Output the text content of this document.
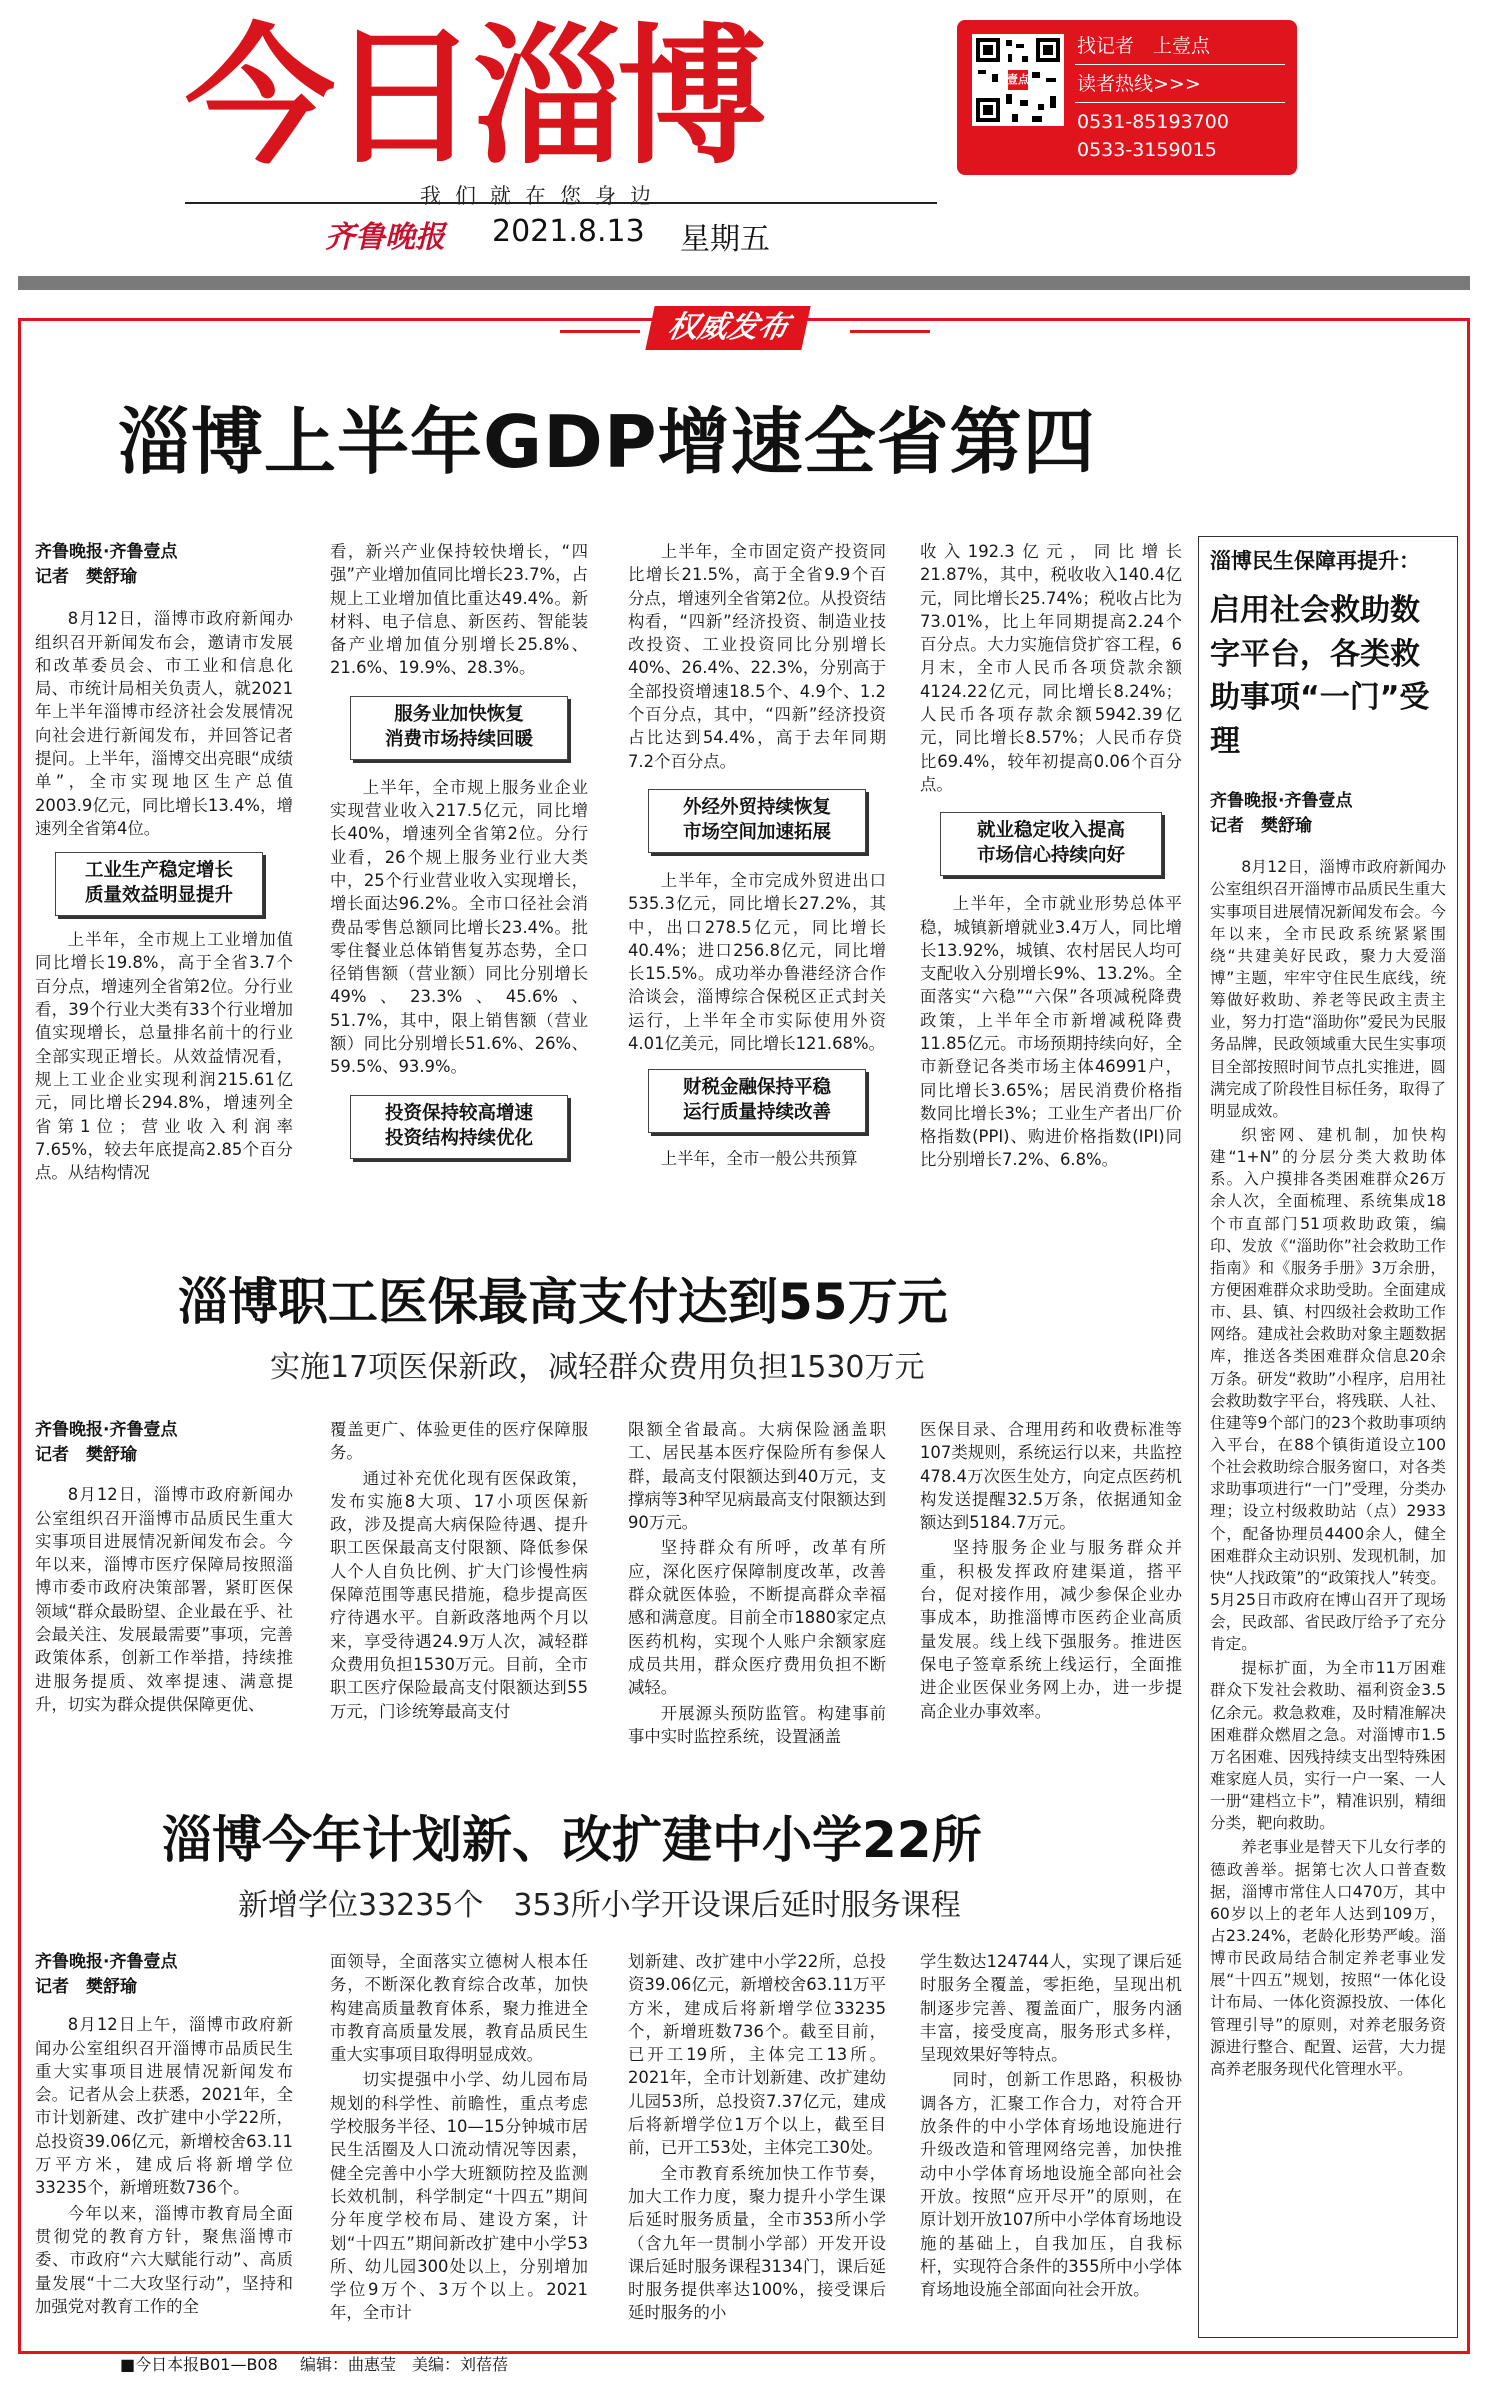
今日淄博
我们就在您身边
齐鲁晚报 2021.8.13 星期五
壹点
找记者　上壹点
读者热线>>>
0531-85193700
0533-3159015
权威发布
淄博上半年GDP增速全省第四
齐鲁晚报·齐鲁壹点
记者　樊舒瑜

8月12日，淄博市政府新闻办组织召开新闻发布会，邀请市发展和改革委员会、市工业和信息化局、市统计局相关负责人，就2021年上半年淄博市经济社会发展情况向社会进行新闻发布，并回答记者提问。上半年，淄博交出亮眼“成绩单”，全市实现地区生产总值2003.9亿元，同比增长13.4%，增速列全省第4位。

工业生产稳定增长
质量效益明显提升

上半年，全市规上工业增加值同比增长19.8%，高于全省3.7个百分点，增速列全省第2位。分行业看，39个行业大类有33个行业增加值实现增长，总量排名前十的行业全部实现正增长。从效益情况看，规上工业企业实现利润215.61亿元，同比增长294.8%，增速列全省第1位；营业收入利润率7.65%，较去年底提高2.85个百分点。从结构情况

看，新兴产业保持较快增长，“四强”产业增加值同比增长23.7%，占规上工业增加值比重达49.4%。新材料、电子信息、新医药、智能装备产业增加值分别增长25.8%、21.6%、19.9%、28.3%。

服务业加快恢复
消费市场持续回暖

上半年，全市规上服务业企业实现营业收入217.5亿元，同比增长40%，增速列全省第2位。分行业看，26个规上服务业行业大类中，25个行业营业收入实现增长，增长面达96.2%。全市口径社会消费品零售总额同比增长23.4%。批零住餐业总体销售复苏态势，全口径销售额（营业额）同比分别增长49%、23.3%、45.6%、51.7%，其中，限上销售额（营业额）同比分别增长51.6%、26%、59.5%、93.9%。

投资保持较高增速
投资结构持续优化

上半年，全市固定资产投资同比增长21.5%，高于全省9.9个百分点，增速列全省第2位。从投资结构看，“四新”经济投资、制造业技改投资、工业投资同比分别增长40%、26.4%、22.3%，分别高于全部投资增速18.5个、4.9个、1.2个百分点，其中，“四新”经济投资占比达到54.4%，高于去年同期7.2个百分点。

外经外贸持续恢复
市场空间加速拓展

上半年，全市完成外贸进出口535.3亿元，同比增长27.2%，其中，出口278.5亿元，同比增长40.4%；进口256.8亿元，同比增长15.5%。成功举办鲁港经济合作洽谈会，淄博综合保税区正式封关运行，上半年全市实际使用外资4.01亿美元，同比增长121.68%。

财税金融保持平稳
运行质量持续改善

上半年，全市一般公共预算

收入192.3亿元，同比增长21.87%，其中，税收收入140.4亿元，同比增长25.74%；税收占比为73.01%，比上年同期提高2.24个百分点。大力实施信贷扩容工程，6月末，全市人民币各项贷款余额4124.22亿元，同比增长8.24%；人民币各项存款余额5942.39亿元，同比增长8.57%；人民币存贷比69.4%，较年初提高0.06个百分点。

就业稳定收入提高
市场信心持续向好

上半年，全市就业形势总体平稳，城镇新增就业3.4万人，同比增长13.92%，城镇、农村居民人均可支配收入分别增长9%、13.2%。全面落实“六稳”“六保”各项减税降费政策，上半年全市新增减税降费11.85亿元。市场预期持续向好，全市新登记各类市场主体46991户，同比增长3.65%；居民消费价格指数同比增长3%；工业生产者出厂价格指数(PPI)、购进价格指数(IPI)同比分别增长7.2%、6.8%。

淄博职工医保最高支付达到55万元
实施17项医保新政，减轻群众费用负担1530万元
齐鲁晚报·齐鲁壹点
记者　樊舒瑜

8月12日，淄博市政府新闻办公室组织召开淄博市品质民生重大实事项目进展情况新闻发布会。今年以来，淄博市医疗保障局按照淄博市委市政府决策部署，紧盯医保领域“群众最盼望、企业最在乎、社会最关注、发展最需要”事项，完善政策体系，创新工作举措，持续推进服务提质、效率提速、满意提升，切实为群众提供保障更优、

覆盖更广、体验更佳的医疗保障服务。

通过补充优化现有医保政策，发布实施8大项、17小项医保新政，涉及提高大病保险待遇、提升职工医保最高支付限额、降低参保人个人自负比例、扩大门诊慢性病保障范围等惠民措施，稳步提高医疗待遇水平。自新政落地两个月以来，享受待遇24.9万人次，减轻群众费用负担1530万元。目前，全市职工医疗保险最高支付限额达到55万元，门诊统筹最高支付

限额全省最高。大病保险涵盖职工、居民基本医疗保险所有参保人群，最高支付限额达到40万元，支撑病等3种罕见病最高支付限额达到90万元。

坚持群众有所呼，改革有所应，深化医疗保障制度改革，改善群众就医体验，不断提高群众幸福感和满意度。目前全市1880家定点医药机构，实现个人账户余额家庭成员共用，群众医疗费用负担不断减轻。

开展源头预防监管。构建事前事中实时监控系统，设置涵盖

医保目录、合理用药和收费标准等107类规则，系统运行以来，共监控478.4万次医生处方，向定点医药机构发送提醒32.5万条，依据通知金额达到5184.7万元。

坚持服务企业与服务群众并重，积极发挥政府建渠道，搭平台，促对接作用，减少参保企业办事成本，助推淄博市医药企业高质量发展。线上线下强服务。推进医保电子签章系统上线运行，全面推进企业医保业务网上办，进一步提高企业办事效率。

淄博今年计划新、改扩建中小学22所
新增学位33235个　353所小学开设课后延时服务课程
齐鲁晚报·齐鲁壹点
记者　樊舒瑜

8月12日上午，淄博市政府新闻办公室组织召开淄博市品质民生重大实事项目进展情况新闻发布会。记者从会上获悉，2021年，全市计划新建、改扩建中小学22所，总投资39.06亿元，新增校舍63.11万平方米，建成后将新增学位33235个，新增班数736个。

今年以来，淄博市教育局全面贯彻党的教育方针，聚焦淄博市委、市政府“六大赋能行动”、高质量发展“十二大攻坚行动”，坚持和加强党对教育工作的全

面领导，全面落实立德树人根本任务，不断深化教育综合改革，加快构建高质量教育体系，聚力推进全市教育高质量发展，教育品质民生重大实事项目取得明显成效。

切实提强中小学、幼儿园布局规划的科学性、前瞻性，重点考虑学校服务半径、10—15分钟城市居民生活圈及人口流动情况等因素，健全完善中小学大班额防控及监测长效机制，科学制定“十四五”期间分年度学校布局、建设方案，计划“十四五”期间新改扩建中小学53所、幼儿园300处以上，分别增加学位9万个、3万个以上。2021年，全市计

划新建、改扩建中小学22所，总投资39.06亿元，新增校舍63.11万平方米，建成后将新增学位33235个，新增班数736个。截至目前，已开工19所，主体完工13所。2021年，全市计划新建、改扩建幼儿园53所，总投资7.37亿元，建成后将新增学位1万个以上，截至目前，已开工53处，主体完工30处。

全市教育系统加快工作节奏，加大工作力度，聚力提升小学生课后延时服务质量，全市353所小学（含九年一贯制小学部）开发开设课后延时服务课程3134门，课后延时服务提供率达100%，接受课后延时服务的小

学生数达124744人，实现了课后延时服务全覆盖，零拒绝，呈现出机制逐步完善、覆盖面广，服务内涵丰富，接受度高，服务形式多样，呈现效果好等特点。

同时，创新工作思路，积极协调各方，汇聚工作合力，对符合开放条件的中小学体育场地设施进行升级改造和管理网络完善，加快推动中小学体育场地设施全部向社会开放。按照“应开尽开”的原则，在原计划开放107所中小学体育场地设施的基础上，自我加压，自我标杆，实现符合条件的355所中小学体育场地设施全部面向社会开放。

淄博民生保障再提升：
启用社会救助数字平台，各类救助事项“一门”受理
齐鲁晚报·齐鲁壹点
记者　樊舒瑜

8月12日，淄博市政府新闻办公室组织召开淄博市品质民生重大实事项目进展情况新闻发布会。今年以来，全市民政系统紧紧围绕“共建美好民政，聚力大爱淄博”主题，牢牢守住民生底线，统筹做好救助、养老等民政主责主业，努力打造“淄助你”爱民为民服务品牌，民政领域重大民生实事项目全部按照时间节点扎实推进，圆满完成了阶段性目标任务，取得了明显成效。

织密网、建机制，加快构建“1+N”的分层分类大救助体系。入户摸排各类困难群众26万余人次，全面梳理、系统集成18个市直部门51项救助政策，编印、发放《“淄助你”社会救助工作指南》和《服务手册》3万余册，方便困难群众求助受助。全面建成市、县、镇、村四级社会救助工作网络。建成社会救助对象主题数据库，推送各类困难群众信息20余万条。研发“救助”小程序，启用社会救助数字平台，将残联、人社、住建等9个部门的23个救助事项纳入平台，在88个镇街道设立100个社会救助综合服务窗口，对各类求助事项进行“一门”受理，分类办理；设立村级救助站（点）2933个，配备协理员4400余人，健全困难群众主动识别、发现机制，加快“人找政策”的“政策找人”转变。5月25日市政府在博山召开了现场会，民政部、省民政厅给予了充分肯定。

提标扩面，为全市11万困难群众下发社会救助、福利资金3.5亿余元。救急救难，及时精准解决困难群众燃眉之急。对淄博市1.5万名困难、因残持续支出型特殊困难家庭人员，实行一户一案、一人一册“建档立卡”，精准识别，精细分类，靶向救助。

养老事业是替天下儿女行孝的德政善举。据第七次人口普查数据，淄博市常住人口470万，其中60岁以上的老年人达到109万，占23.24%，老龄化形势严峻。淄博市民政局结合制定养老事业发展“十四五”规划，按照“一体化设计布局、一体化资源投放、一体化管理引导”的原则，对养老服务资源进行整合、配置、运营，大力提高养老服务现代化管理水平。

■今日本报B01—B08 编辑：曲惠莹　美编：刘蓓蓓
